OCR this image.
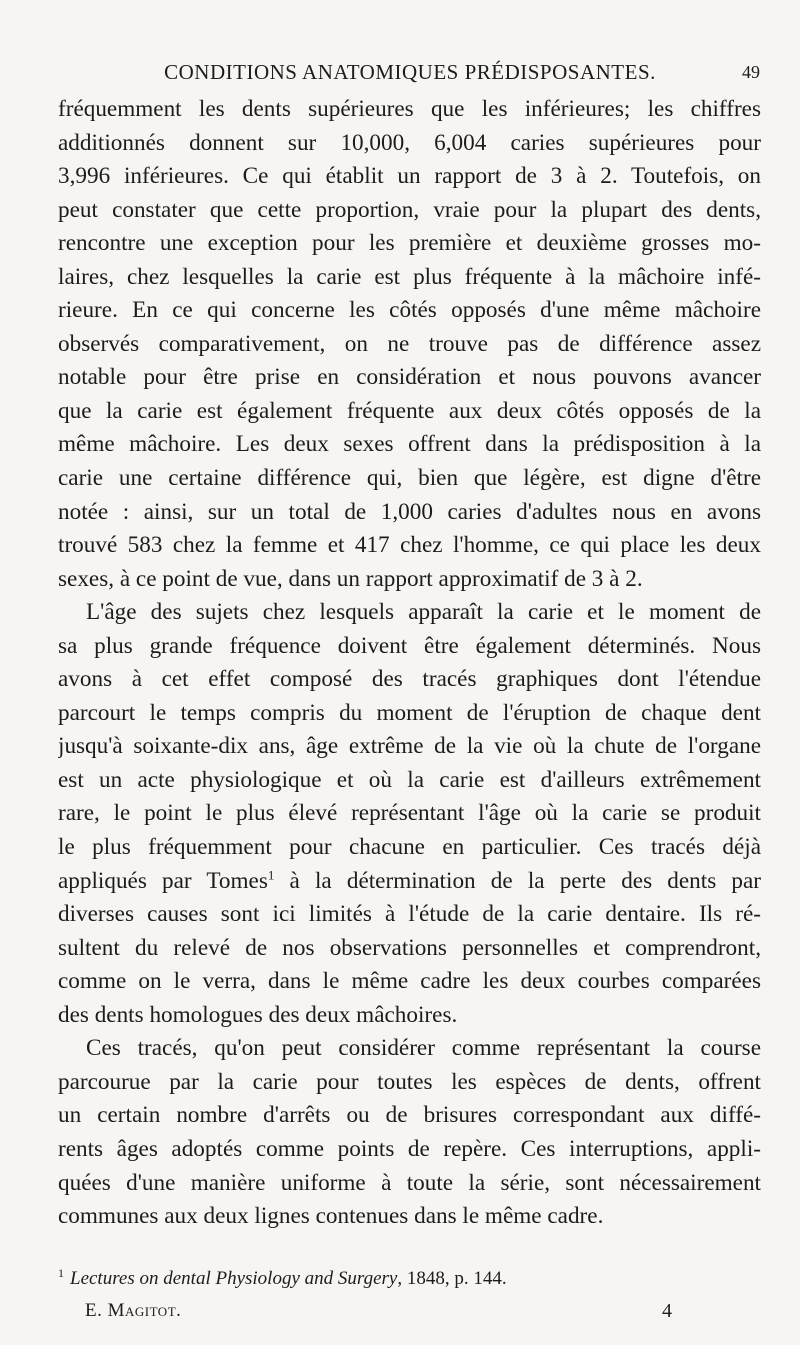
CONDITIONS ANATOMIQUES PRÉDISPOSANTES.	49
fréquemment les dents supérieures que les inférieures; les chiffres
additionnés donnent sur 10,000, 6,004 caries supérieures pour
3,996 inférieures. Ce qui établit un rapport de 3 à 2. Toutefois, on
peut constater que cette proportion, vraie pour la plupart des dents,
rencontre une exception pour les première et deuxième grosses mo-
laires, chez lesquelles la carie est plus fréquente à la mâchoire infé-
rieure. En ce qui concerne les côtés opposés d'une même mâchoire
observés comparativement, on ne trouve pas de différence assez
notable pour être prise en considération et nous pouvons avancer
que la carie est également fréquente aux deux côtés opposés de la
même mâchoire. Les deux sexes offrent dans la prédisposition à la
carie une certaine différence qui, bien que légère, est digne d'être
notée : ainsi, sur un total de 1,000 caries d'adultes nous en avons
trouvé 583 chez la femme et 417 chez l'homme, ce qui place les deux
sexes, à ce point de vue, dans un rapport approximatif de 3 à 2.
L'âge des sujets chez lesquels apparaît la carie et le moment de
sa plus grande fréquence doivent être également déterminés. Nous
avons à cet effet composé des tracés graphiques dont l'étendue
parcourt le temps compris du moment de l'éruption de chaque dent
jusqu'à soixante-dix ans, âge extrême de la vie où la chute de l'organe
est un acte physiologique et où la carie est d'ailleurs extrêmement
rare, le point le plus élevé représentant l'âge où la carie se produit
le plus fréquemment pour chacune en particulier. Ces tracés déjà
appliqués par Tomes$^1$ à la détermination de la perte des dents par
diverses causes sont ici limités à l'étude de la carie dentaire. Ils ré-
sultent du relevé de nos observations personnelles et comprendront,
comme on le verra, dans le même cadre les deux courbes comparées
des dents homologues des deux mâchoires.
Ces tracés, qu'on peut considérer comme représentant la course
parcourue par la carie pour toutes les espèces de dents, offrent
un certain nombre d'arrêts ou de brisures correspondant aux diffé-
rents âges adoptés comme points de repère. Ces interruptions, appli-
quées d'une manière uniforme à toute la série, sont nécessairement
communes aux deux lignes contenues dans le même cadre.
$^1$ Lectures on dental Physiology and Surgery, 1848, p. 144.
E. Magitot.	4
